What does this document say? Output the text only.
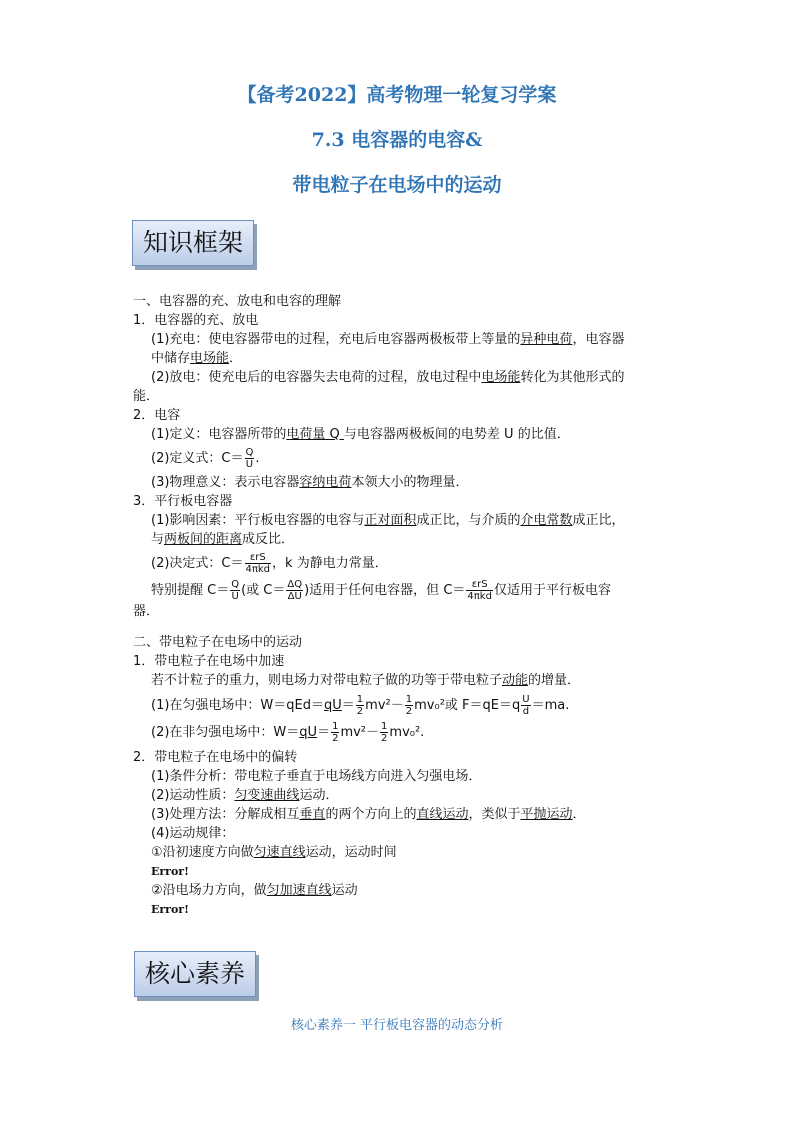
【备考2022】高考物理一轮复习学案
7.3 电容器的电容&
带电粒子在电场中的运动
知识框架
一、电容器的充、放电和电容的理解
1．电容器的充、放电
(1)充电：使电容器带电的过程，充电后电容器两极板带上等量的异种电荷，电容器
中储存电场能．
(2)放电：使充电后的电容器失去电荷的过程，放电过程中电场能转化为其他形式的
能．
2．电容
(1)定义：电容器所带的电荷量 Q 与电容器两极板间的电势差 U 的比值．
(2)定义式：$C= \frac{Q}{U}$ .
(3)物理意义：表示电容器容纳电荷本领大小的物理量．
3．平行板电容器
(1)影响因素：平行板电容器的电容与正对面积成正比，与介质的介电常数成正比，
与两板间的距离成反比．
(2)决定式：$C= \frac{\text{εrS}}{\text{4πkd}}$ ，k 为静电力常量．
特别提醒 $C= \frac{Q}{U}$ (或 $C= \frac{\Delta Q}{\Delta U}$ )适用于任何电容器，但 $C= \frac{\text{εrS}}{\text{4πkd}}$ 仅适用于平行板电容
器．
二、带电粒子在电场中的运动
1．带电粒子在电场中加速
若不计粒子的重力，则电场力对带电粒子做的功等于带电粒子动能的增量．
(1)在匀强电场中：$W=qEd=qU= \frac{1}{2} mv^2- \frac{1}{2} mv_0^2$或 $F=qE=q \frac{U}{d} =ma$.
(2)在非匀强电场中：$W=qU= \frac{1}{2} mv^2- \frac{1}{2} mv_0^2$.
2．带电粒子在电场中的偏转
(1)条件分析：带电粒子垂直于电场线方向进入匀强电场．
(2)运动性质：匀变速曲线运动．
(3)处理方法：分解成相互垂直的两个方向上的直线运动，类似于平抛运动．
(4)运动规律：
①沿初速度方向做匀速直线运动，运动时间
Error!
②沿电场力方向，做匀加速直线运动
Error!
核心素养
核心素养一 平行板电容器的动态分析
